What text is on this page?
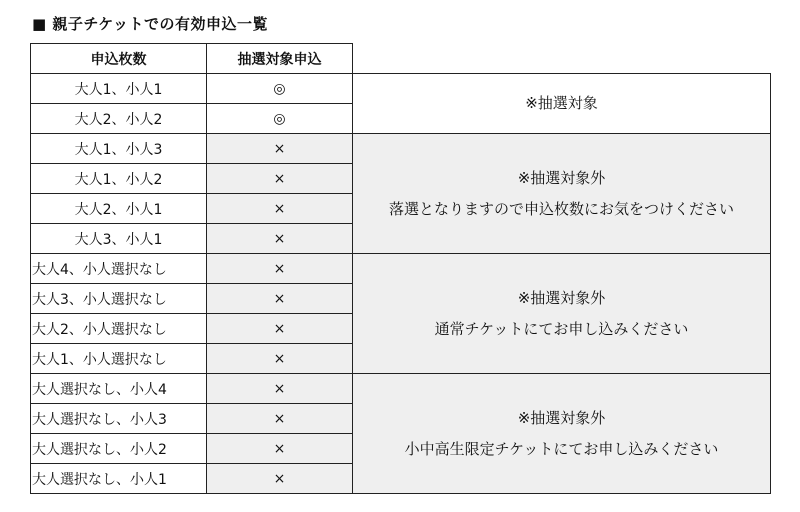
■ 親子チケットでの有効申込一覧
申込枚数	抽選対象申込	
大人1、小人1	◎	※抽選対象

大人2、小人2	◎	
大人1、小人3	×	※抽選対象外
落選となりますので申込枚数にお気をつけください

大人1、小人2	×	
大人2、小人1	×	
大人3、小人1	×	
大人4、小人選択なし	×	※抽選対象外
通常チケットにてお申し込みください

大人3、小人選択なし	×	
大人2、小人選択なし	×	
大人1、小人選択なし	×	
大人選択なし、小人4	×	※抽選対象外
小中高生限定チケットにてお申し込みください

大人選択なし、小人3	×	
大人選択なし、小人2	×	
大人選択なし、小人1	×	
